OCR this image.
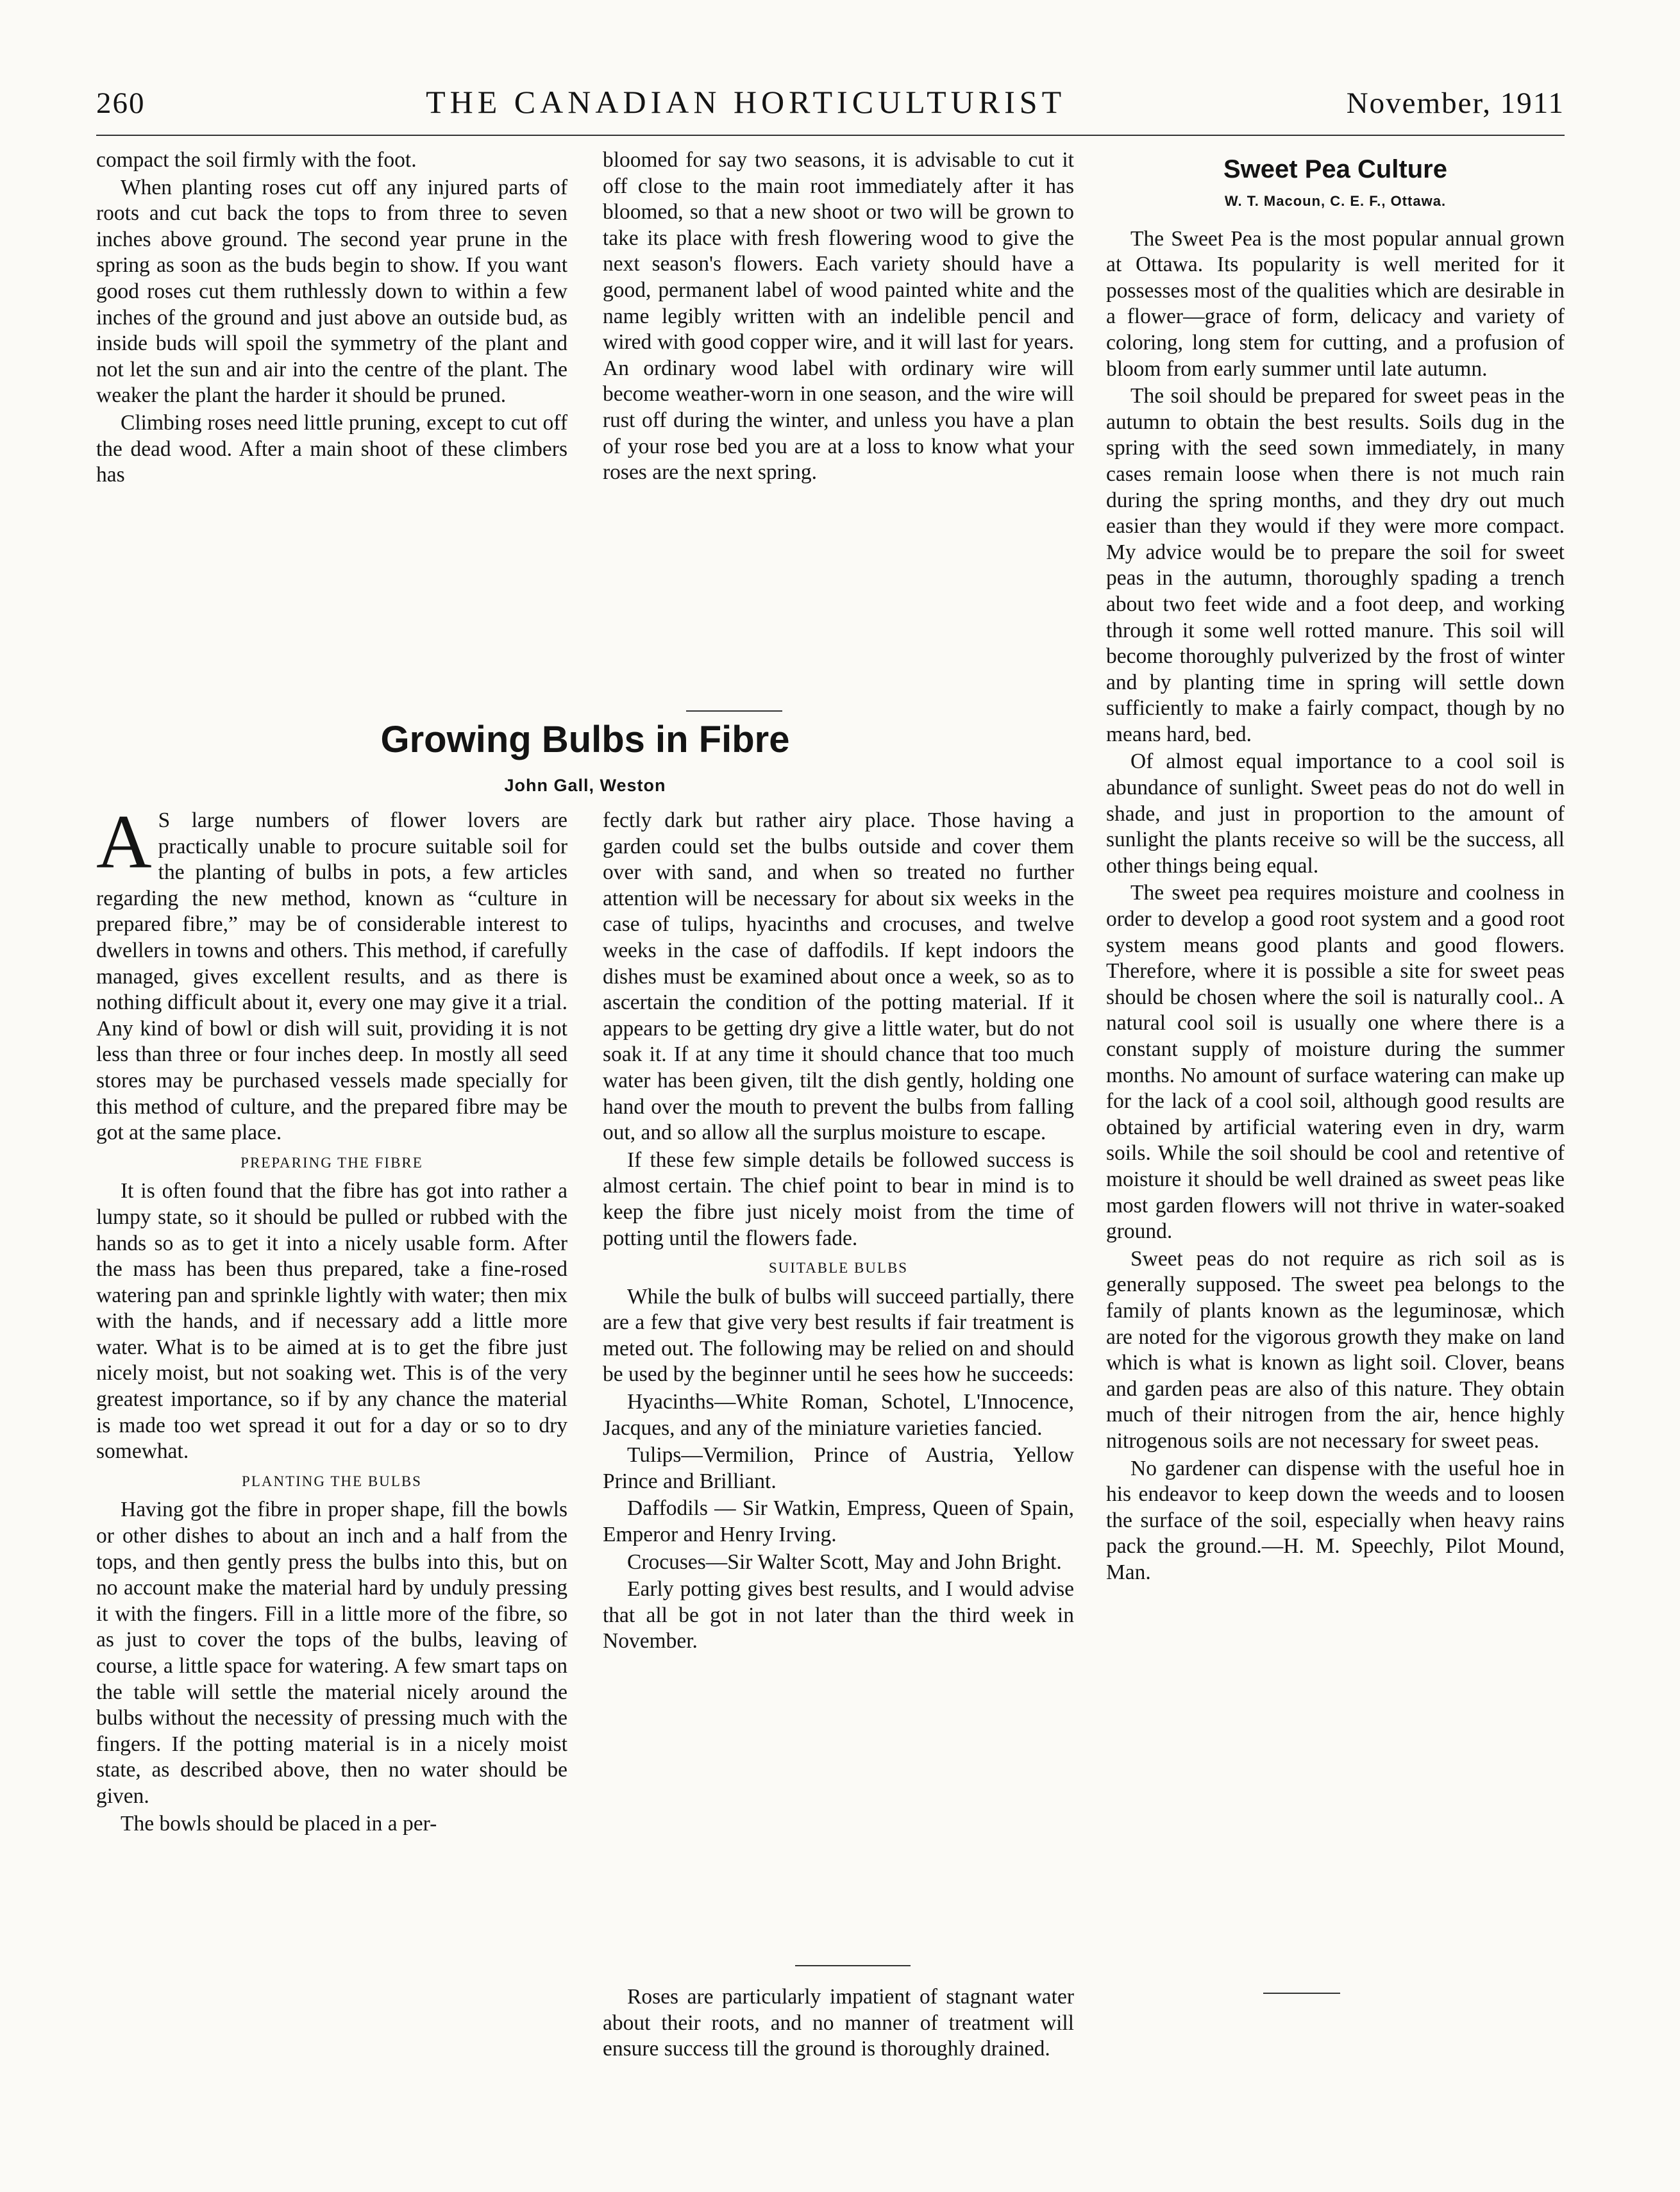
260	THE CANADIAN HORTICULTURIST	November, 1911

compact the soil firmly with the foot.

When planting roses cut off any injured parts of roots and cut back the tops to from three to seven inches above ground. The second year prune in the spring as soon as the buds begin to show. If you want good roses cut them ruthlessly down to within a few inches of the ground and just above an outside bud, as inside buds will spoil the symmetry of the plant and not let the sun and air into the centre of the plant. The weaker the plant the harder it should be pruned.

Climbing roses need little pruning, except to cut off the dead wood. After a main shoot of these climbers has

bloomed for say two seasons, it is advisable to cut it off close to the main root immediately after it has bloomed, so that a new shoot or two will be grown to take its place with fresh flowering wood to give the next season's flowers. Each variety should have a good, permanent label of wood painted white and the name legibly written with an indelible pencil and wired with good copper wire, and it will last for years. An ordinary wood label with ordinary wire will become weather-worn in one season, and the wire will rust off during the winter, and unless you have a plan of your rose bed you are at a loss to know what your roses are the next spring.

Growing Bulbs in Fibre
John Gall, Weston

A S large numbers of flower lovers are practically unable to procure suitable soil for the planting of bulbs in pots, a few articles regarding the new method, known as “culture in prepared fibre,” may be of considerable interest to dwellers in towns and others. This method, if carefully managed, gives excellent results, and as there is nothing difficult about it, every one may give it a trial. Any kind of bowl or dish will suit, providing it is not less than three or four inches deep. In mostly all seed stores may be purchased vessels made specially for this method of culture, and the prepared fibre may be got at the same place.

PREPARING THE FIBRE

It is often found that the fibre has got into rather a lumpy state, so it should be pulled or rubbed with the hands so as to get it into a nicely usable form. After the mass has been thus prepared, take a fine-rosed watering pan and sprinkle lightly with water; then mix with the hands, and if necessary add a little more water. What is to be aimed at is to get the fibre just nicely moist, but not soaking wet. This is of the very greatest importance, so if by any chance the material is made too wet spread it out for a day or so to dry somewhat.

PLANTING THE BULBS

Having got the fibre in proper shape, fill the bowls or other dishes to about an inch and a half from the tops, and then gently press the bulbs into this, but on no account make the material hard by unduly pressing it with the fingers. Fill in a little more of the fibre, so as just to cover the tops of the bulbs, leaving of course, a little space for watering. A few smart taps on the table will settle the material nicely around the bulbs without the necessity of pressing much with the fingers. If the potting material is in a nicely moist state, as described above, then no water should be given.

The bowls should be placed in a per-

fectly dark but rather airy place. Those having a garden could set the bulbs outside and cover them over with sand, and when so treated no further attention will be necessary for about six weeks in the case of tulips, hyacinths and crocuses, and twelve weeks in the case of daffodils. If kept indoors the dishes must be examined about once a week, so as to ascertain the condition of the potting material. If it appears to be getting dry give a little water, but do not soak it. If at any time it should chance that too much water has been given, tilt the dish gently, holding one hand over the mouth to prevent the bulbs from falling out, and so allow all the surplus moisture to escape.

If these few simple details be followed success is almost certain. The chief point to bear in mind is to keep the fibre just nicely moist from the time of potting until the flowers fade.

SUITABLE BULBS

While the bulk of bulbs will succeed partially, there are a few that give very best results if fair treatment is meted out. The following may be relied on and should be used by the beginner until he sees how he succeeds:

Hyacinths—White Roman, Schotel, L'Innocence, Jacques, and any of the miniature varieties fancied.

Tulips—Vermilion, Prince of Austria, Yellow Prince and Brilliant.

Daffodils — Sir Watkin, Empress, Queen of Spain, Emperor and Henry Irving.

Crocuses—Sir Walter Scott, May and John Bright.

Early potting gives best results, and I would advise that all be got in not later than the third week in November.

Roses are particularly impatient of stagnant water about their roots, and no manner of treatment will ensure success till the ground is thoroughly drained.

Sweet Pea Culture
W. T. Macoun, C. E. F., Ottawa.

The Sweet Pea is the most popular annual grown at Ottawa. Its popularity is well merited for it possesses most of the qualities which are desirable in a flower—grace of form, delicacy and variety of coloring, long stem for cutting, and a profusion of bloom from early summer until late autumn.

The soil should be prepared for sweet peas in the autumn to obtain the best results. Soils dug in the spring with the seed sown immediately, in many cases remain loose when there is not much rain during the spring months, and they dry out much easier than they would if they were more compact. My advice would be to prepare the soil for sweet peas in the autumn, thoroughly spading a trench about two feet wide and a foot deep, and working through it some well rotted manure. This soil will become thoroughly pulverized by the frost of winter and by planting time in spring will settle down sufficiently to make a fairly compact, though by no means hard, bed.

Of almost equal importance to a cool soil is abundance of sunlight. Sweet peas do not do well in shade, and just in proportion to the amount of sunlight the plants receive so will be the success, all other things being equal.

The sweet pea requires moisture and coolness in order to develop a good root system and a good root system means good plants and good flowers. Therefore, where it is possible a site for sweet peas should be chosen where the soil is naturally cool.. A natural cool soil is usually one where there is a constant supply of moisture during the summer months. No amount of surface watering can make up for the lack of a cool soil, although good results are obtained by artificial watering even in dry, warm soils. While the soil should be cool and retentive of moisture it should be well drained as sweet peas like most garden flowers will not thrive in water-soaked ground.

Sweet peas do not require as rich soil as is generally supposed. The sweet pea belongs to the family of plants known as the leguminosæ, which are noted for the vigorous growth they make on land which is what is known as light soil. Clover, beans and garden peas are also of this nature. They obtain much of their nitrogen from the air, hence highly nitrogenous soils are not necessary for sweet peas.

No gardener can dispense with the useful hoe in his endeavor to keep down the weeds and to loosen the surface of the soil, especially when heavy rains pack the ground.—H. M. Speechly, Pilot Mound, Man.
